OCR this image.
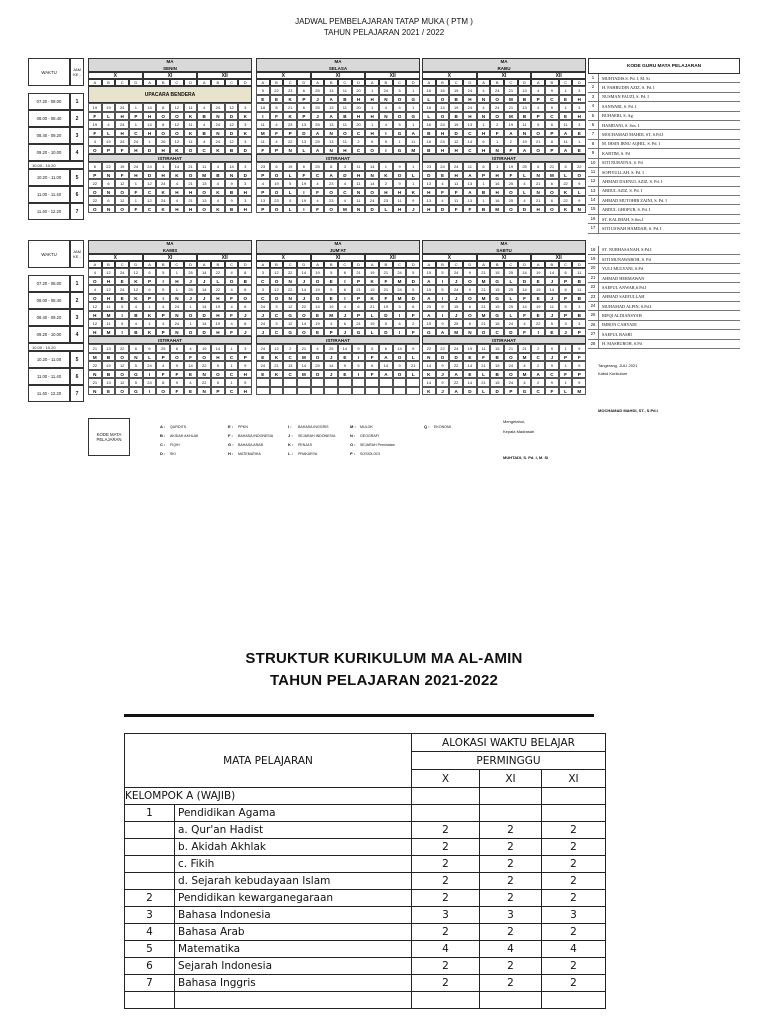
JADWAL PEMBELAJARAN TATAP MUKA ( PTM )
TAHUN PELAJARAN 2021 / 2022
WAKTU	JAM KE -
07.20 - 08.00	1
08.00 - 08.40	2
08.40 - 09.20	3
09.20 - 10.00	4
10.00 - 10.20
10.20 - 11.00	5
11.00 - 11.40	6
11.40 - 12.20	7
MA
SENIN
X	XI	XII
A	B	C	D	A	B	C	D	A	B	C	D
UPACARA BENDERA
19	19	24	1	14	8	12	11	4	24	12	3
F	L	H	P	H	O	O	K	B	N	D	K
19	4	24	1	14	8	12	11	4	24	12	3
F	L	H	C	H	O	O	K	B	N	D	K
4	19	24	24	1	26	12	11	4	24	12	3
O	P	F	H	D	H	K	O	C	K	B	D
ISTIRAHAT
6	22	19	24	24	1	14	21	11	4	14	3
P	N	F	H	D	H	K	O	M	B	N	D
22	6	12	1	12	24	4	21	13	4	9	3
O	N	O	F	C	K	H	H	O	K	B	H
22	6	12	1	12	24	4	21	13	4	9	3
O	N	O	F	C	K	H	H	O	K	B	H
MA
SELASA
X	XI	XII
A	B	C	D	A	B	C	D	A	B	C	D
5	22	23	6	25	13	11	20	1	24	5	1
E	E	K	P	J	A	B	H	H	N	O	G
18	8	21	6	25	13	11	20	1	4	5	1
I	F	K	P	J	A	B	H	H	N	O	G
11	4	23	13	25	13	11	20	1	4	5	1
M	F	P	D	A	N	O	C	H	I	G	A
11	4	22	13	25	13	11	2	6	5	1	11
F	P	N	L	A	N	H	C	O	I	G	M
ISTIRAHAT
23	6	19	6	25	8	3	11	14	1	9	1
P	O	L	F	C	A	D	H	N	K	O	L
4	19	5	19	4	23	4	11	14	2	9	1
P	O	L	I	F	O	C	N	O	H	H	K
13	23	5	19	4	23	4	11	24	23	11	9
P	O	L	I	F	O	M	N	D	L	H	J
MA
RABU
X	XI	XII
A	B	C	D	A	B	C	D	A	B	C	D
16	16	19	24	4	24	21	13	4	9	1	3
L	O	B	H	N	O	M	B	P	C	E	H
16	14	19	24	4	24	21	13	4	9	1	3
L	O	B	H	N	O	M	B	P	C	E	H
16	24	19	13	1	2	19	11	5	6	11	3
B	H	D	C	H	F	A	N	O	P	A	E
16	24	12	14	6	1	2	19	21	8	11	1
B	H	H	C	H	N	F	A	O	P	A	E
ISTIRAHAT
23	24	24	11	6	1	19	25	6	21	6	22
D	E	H	A	P	H	F	L	N	M	L	O
13	4	11	13	1	16	25	4	21	6	22	9
H	F	F	A	B	H	O	L	N	O	K	L
13	4	11	13	1	16	25	4	21	6	22	9
H	D	F	F	B	M	O	D	H	O	K	N
WAKTU	JAM KE -
07.20 - 08.00	1
08.00 - 08.40	2
08.40 - 09.20	3
09.20 - 10.00	4
10.00 - 10.20
10.20 - 11.00	5
11.00 - 11.40	6
11.40 - 12.20	7
MA
KAMIS
X	XI	XII
A	B	C	D	A	B	C	D	A	B	C	D
4	12	24	12	6	5	1	25	14	22	4	8
O	H	E	K	P	I	H	J	J	L	O	B
4	12	24	12	6	5	1	25	14	22	4	8
O	H	E	K	P	I	N	J	J	H	F	O
12	11	5	4	1	4	24	1	14	19	4	8
H	M	I	B	K	P	N	O	D	H	F	J
12	11	5	4	1	4	24	1	14	19	4	8
H	M	I	B	K	P	N	O	D	H	F	J
ISTIRAHAT
21	13	22	6	6	25	6	4	19	14	1	3
M	B	O	N	L	P	O	F	O	H	C	P
22	19	12	5	24	4	9	14	22	5	1	9
N	B	O	G	I	F	F	E	N	O	C	H
21	13	12	5	24	8	9	4	22	5	1	9
N	E	O	G	I	O	F	E	N	P	C	H
MA
JUM'AT
X	XI	XII
A	B	C	D	A	B	C	D	A	B	C	D
3	12	22	14	19	5	6	21	19	21	24	5
C	O	N	J	O	E	I	P	K	F	M	D
3	12	22	14	19	5	6	21	19	21	24	5
C	O	N	J	O	E	I	P	K	F	M	D
24	3	12	22	14	19	4	6	21	19	5	6
J	C	G	O	E	M	J	P	L	D	I	F
24	3	12	14	19	4	6	21	19	5	6	2
J	C	G	O	E	P	J	G	L	D	I	F
ISTIRAHAT
24	12	2	21	4	25	14	9	5	6	14	9
E	K	C	M	O	J	E	I	F	A	O	L
24	21	13	14	25	14	9	5	6	14	9	21
E	K	C	M	O	J	E	I	F	A	O	L
MA
SABTU
X	XI	XII
A	B	C	D	A	B	C	D	A	B	C	D
15	5	24	9	21	15	25	14	19	14	6	11
A	I	J	O	M	G	L	D	E	J	P	B
15	5	24	9	21	15	25	14	19	14	6	11
A	I	J	O	M	G	L	F	E	J	P	B
25	9	15	6	21	15	25	14	19	11	5	3
A	I	J	O	M	G	L	F	E	J	P	B
15	9	25	6	21	15	24	4	22	5	3	3
G	A	M	N	O	C	D	F	I	E	J	P
ISTIRAHAT
22	22	24	19	11	15	21	21	2	9	1	9
N	O	D	E	F	B	O	M	C	J	P	F
14	9	22	14	21	15	24	4	2	9	1	9
K	J	A	E	L	B	O	M	A	C	F	P
14	9	22	14	21	15	24	4	2	9	1	9
K	J	A	D	L	D	P	G	C	F	L	M
KODE GURU MATA PELAJARAN
1	MUHTADIS.S. Pd. I, M. Si
2	H. FAHRUDIN AZIZ, S. Pd. I
3	NUSMAN FAUZI, S. Pd. I
4	SANWARI, S. Pd. I
5	BUHAERI, S. Ag
6	HAMDANI, S. Sos. I
7	MOCHAMAD MAHDI, ST, S.Pd.I
8	M. IHSIN IBNU AQHIL, S. Pd. I
9	KARTIM, S. Pd
10	SITI NURATNA, S. Pd
11	SOPIYULLAH, S. Pd. I
12	AHMAD DAENUL AZIZ, S. Pd. I
13	ABDUL AZIZ, S. Pd. I
14	AHMAD MUTOHIB ZAINI, S. Pd. I
15	ABDUL GHOFUR, S. Pd. I
16	ST. KALIMAH, S.Sos.I
17	SITI USWAH HAMDAH, S. Pd. I
18	ST. NURHASANAH, S.Pd.I
19	SITI MUNAWAROH, S. Pd
20	YULI MULYANI, S.Pd
21	AHMAD HERMAWAN
22	SAEFUL ANWAR,S.Pd.I
23	AHMAD SAEFULLAH
24	MUHAMAD ALPIN, S.Pd.I
25	RIFQI ALDIANSYAH
26	IMRON CAHYADI
27	SAEFUL BASRI
28	H. MASRUROH, S.Pd
KODE MATA PELAJARAN
A : QURDITS
B : AKIDAH AKHLAK
C : FIQIH
D : SKI
E : PPKN
F : BAHASA INDONESIA
G : BAHASA ARAB
H : MATEMATIKA
I : BAHASA INGGRIS
J : SEJARAH INDONESIA
K : PENJAS
L : PRAKARYA
M : MULOK
N : GEOGRAFI
O : SEJARAH Peminatan
P : SOSIOLOGI
Q : EKONOMI
Tangerang, JULI 2021
Kabid Kurikulum
MOCHAMAD MAHDI, ST., S.Pd.I
Mengetahui,
Kepala Madrasah
MUHTADI, S. Pd. I, M. Si
STRUKTUR KURIKULUM MA AL-AMIN
TAHUN PELAJARAN 2021-2022
MATA PELAJARAN		ALOKASI WAKTU BELAJAR		
		PERMINGGU		
		X	XI	XI
KELOMPOK A (WAJIB)				
1	Pendidikan Agama			
	a. Qur'an Hadist	2	2	2
	b. Akidah Akhlak	2	2	2
	c. Fikih	2	2	2
	d. Sejarah kebudayaan Islam	2	2	2
2	Pendidikan kewarganegaraan	2	2	2
3	Bahasa Indonesia	3	3	3
4	Bahasa Arab	2	2	2
5	Matematika	4	4	4
6	Sejarah Indonesia	2	2	2
7	Bahasa Inggris	2	2	2
